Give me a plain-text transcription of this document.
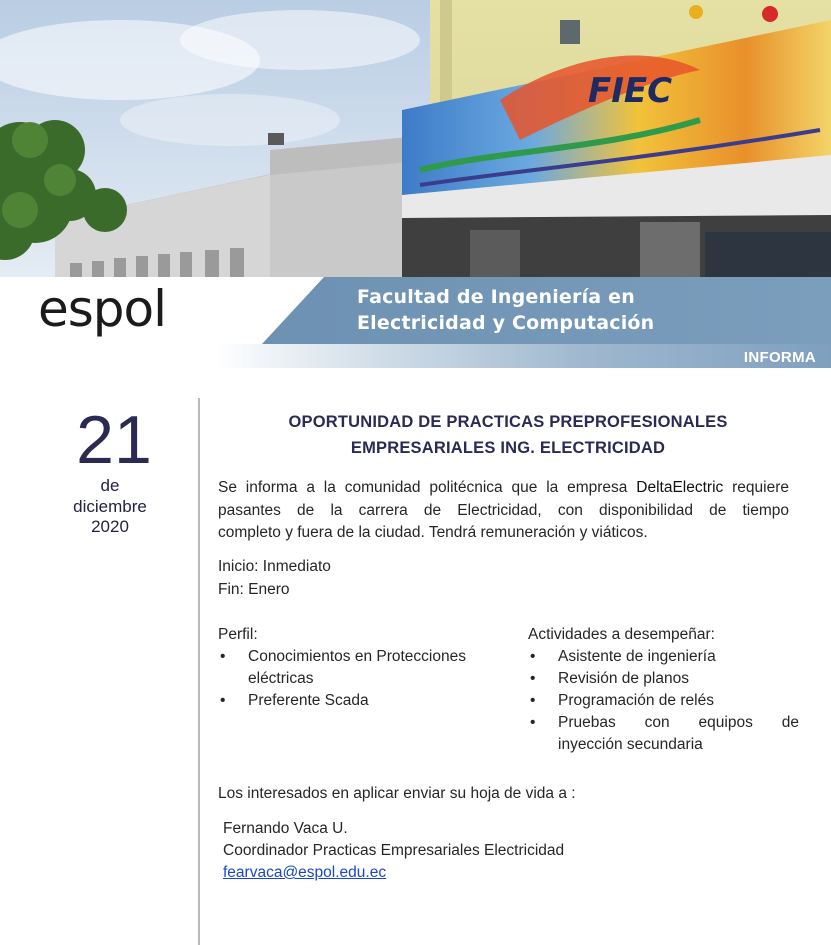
FIEC
espol	Facultad de Ingeniería en
Electricidad y Computación
INFORMA
21
de
diciembre
2020
OPORTUNIDAD DE PRACTICAS PREPROFESIONALES
EMPRESARIALES ING. ELECTRICIDAD
Se informa a la comunidad politécnica que la empresa DeltaElectric requiere
pasantes de la carrera de Electricidad, con disponibilidad de tiempo
completo y fuera de la ciudad. Tendrá remuneración y viáticos.
Inicio: Inmediato
Fin: Enero
Perfil:
• Conocimientos en Protecciones
eléctricas
• Preferente Scada
Actividades a desempeñar:
• Asistente de ingeniería
• Revisión de planos
• Programación de relés
• Pruebas con equipos de
inyección secundaria
Los interesados en aplicar enviar su hoja de vida a :
Fernando Vaca U.
Coordinador Practicas Empresariales Electricidad
fearvaca@espol.edu.ec
